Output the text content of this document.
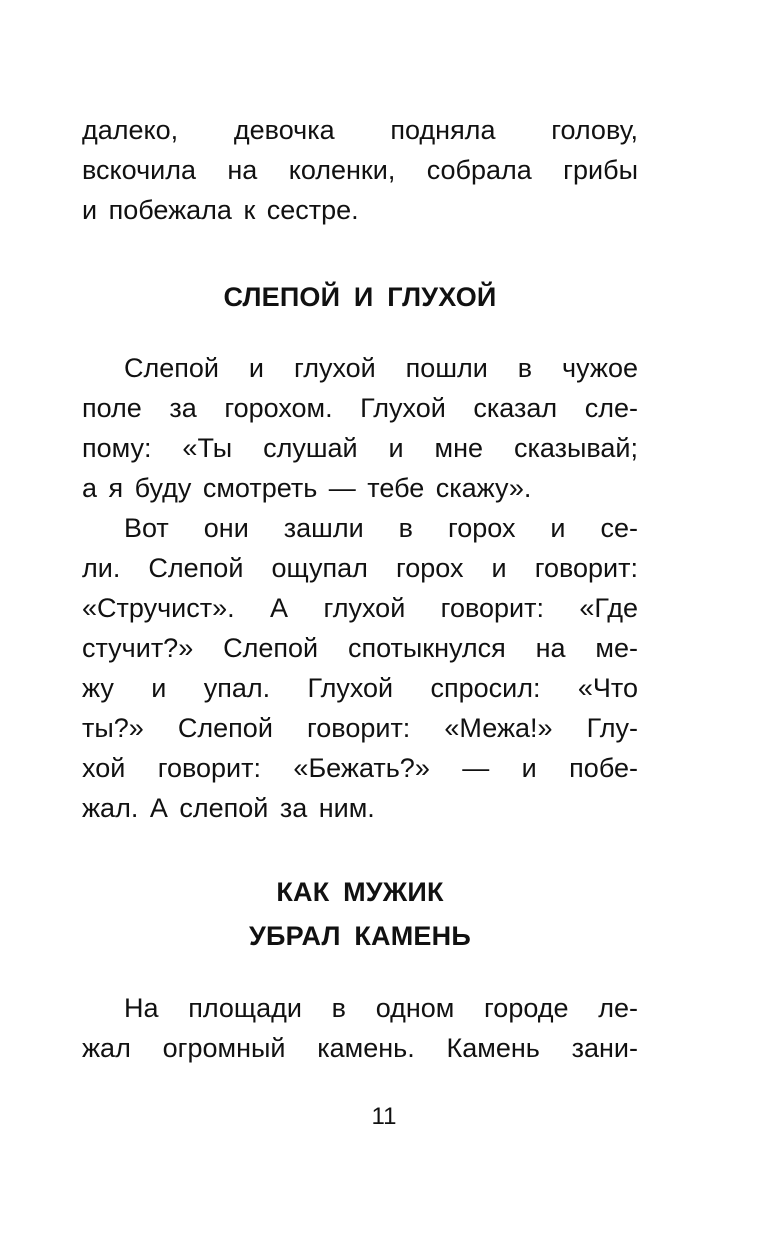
далеко, девочка подняла голову,
вскочила на коленки, собрала грибы
и побежала к сестре.
СЛЕПОЙ И ГЛУХОЙ
Слепой и глухой пошли в чужое
поле за горохом. Глухой сказал сле-
пому: «Ты слушай и мне сказывай;
а я буду смотреть — тебе скажу».
Вот они зашли в горох и се-
ли. Слепой ощупал горох и говорит:
«Стручист». А глухой говорит: «Где
стучит?» Слепой спотыкнулся на ме-
жу и упал. Глухой спросил: «Что
ты?» Слепой говорит: «Межа!» Глу-
хой говорит: «Бежать?» — и побе-
жал. А слепой за ним.
КАК МУЖИК
УБРАЛ КАМЕНЬ
На площади в одном городе ле-
жал огромный камень. Камень зани-
11
